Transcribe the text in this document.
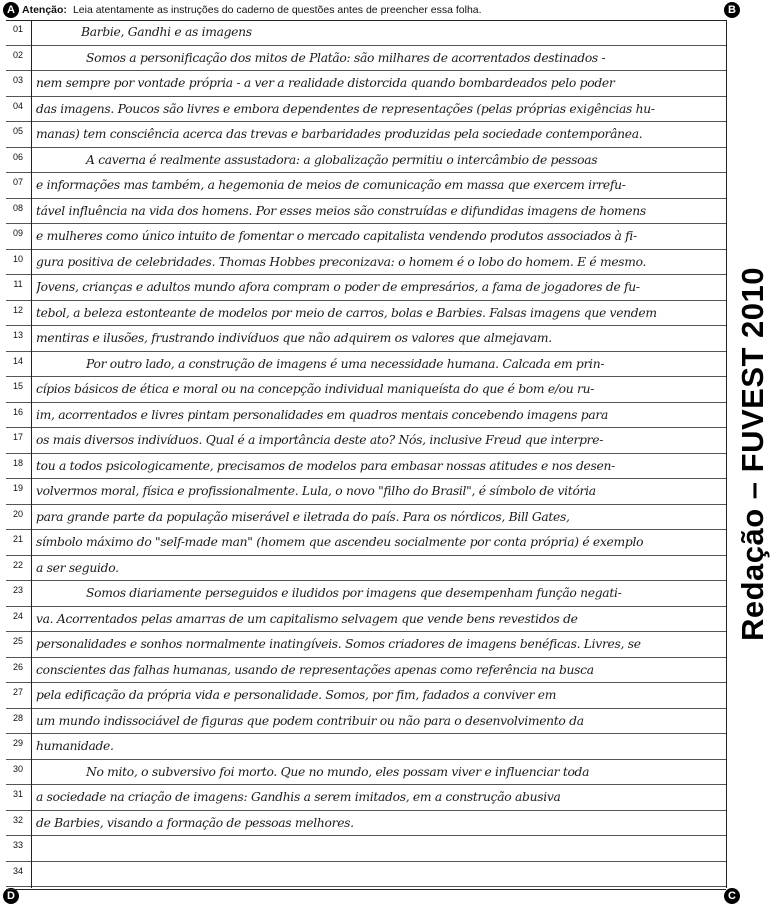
A	B
C
D
Atenção: Leia atentamente as instruções do caderno de questões antes de preencher essa folha.
01	Barbie, Gandhi e as imagens
02	Somos a personificação dos mitos de Platão: são milhares de acorrentados destinados -
03	nem sempre por vontade própria - a ver a realidade distorcida quando bombardeados pelo poder
04	das imagens. Poucos são livres e embora dependentes de representações (pelas próprias exigências hu-
05	manas) tem consciência acerca das trevas e barbaridades produzidas pela sociedade contemporânea.
06	A caverna é realmente assustadora: a globalização permitiu o intercâmbio de pessoas
07	e informações mas também, a hegemonia de meios de comunicação em massa que exercem irrefu-
08	tável influência na vida dos homens. Por esses meios são construídas e difundidas imagens de homens
09	e mulheres como único intuito de fomentar o mercado capitalista vendendo produtos associados à fi-
10	gura positiva de celebridades. Thomas Hobbes preconizava: o homem é o lobo do homem. E é mesmo.
11	Jovens, crianças e adultos mundo afora compram o poder de empresários, a fama de jogadores de fu-
12	tebol, a beleza estonteante de modelos por meio de carros, bolas e Barbies. Falsas imagens que vendem
13	mentiras e ilusões, frustrando indivíduos que não adquirem os valores que almejavam.
14	Por outro lado, a construção de imagens é uma necessidade humana. Calcada em prin-
15	cípios básicos de ética e moral ou na concepção individual maniqueísta do que é bom e/ou ru-
16	im, acorrentados e livres pintam personalidades em quadros mentais concebendo imagens para
17	os mais diversos indivíduos. Qual é a importância deste ato? Nós, inclusive Freud que interpre-
18	tou a todos psicologicamente, precisamos de modelos para embasar nossas atitudes e nos desen-
19	volvermos moral, física e profissionalmente. Lula, o novo "filho do Brasil", é símbolo de vitória
20	para grande parte da população miserável e iletrada do país. Para os nórdicos, Bill Gates,
21	símbolo máximo do "self-made man" (homem que ascendeu socialmente por conta própria) é exemplo
22	a ser seguido.
23	Somos diariamente perseguidos e iludidos por imagens que desempenham função negati-
24	va. Acorrentados pelas amarras de um capitalismo selvagem que vende bens revestidos de
25	personalidades e sonhos normalmente inatingíveis. Somos criadores de imagens benéficas. Livres, se
26	conscientes das falhas humanas, usando de representações apenas como referência na busca
27	pela edificação da própria vida e personalidade. Somos, por fim, fadados a conviver em
28	um mundo indissociável de figuras que podem contribuir ou não para o desenvolvimento da
29	humanidade.
30	No mito, o subversivo foi morto. Que no mundo, eles possam viver e influenciar toda
31	a sociedade na criação de imagens: Gandhis a serem imitados, em a construção abusiva
32	de Barbies, visando a formação de pessoas melhores.
33
34
Redação – FUVEST 2010
